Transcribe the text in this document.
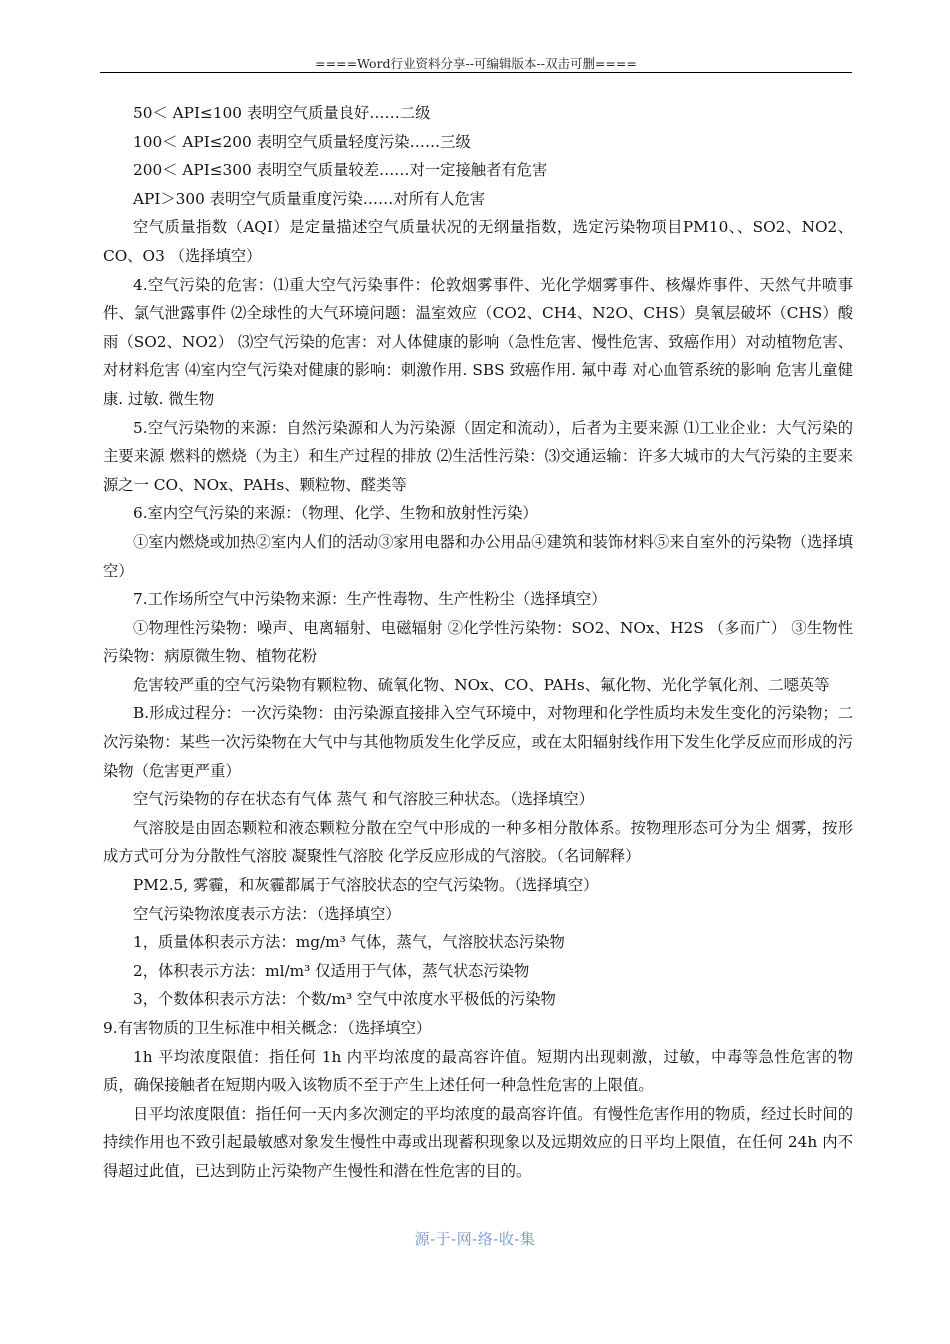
====Word行业资料分享--可编辑版本--双击可删====

50＜ API≤100 表明空气质量良好……二级

100＜ API≤200 表明空气质量轻度污染……三级

200＜ API≤300 表明空气质量较差……对一定接触者有危害

API＞300 表明空气质量重度污染……对所有人危害

空气质量指数（AQI）是定量描述空气质量状况的无纲量指数，选定污染物项目PM10、、SO2、NO2、CO、O3 （选择填空）

4.空气污染的危害：⑴重大空气污染事件：伦敦烟雾事件、光化学烟雾事件、核爆炸事件、天然气井喷事件、氯气泄露事件 ⑵全球性的大气环境问题：温室效应（CO2、CH4、N2O、CHS）臭氧层破坏（CHS）酸雨（SO2、NO2） ⑶空气污染的危害：对人体健康的影响（急性危害、慢性危害、致癌作用）对动植物危害、对材料危害 ⑷室内空气污染对健康的影响：刺激作用. SBS 致癌作用. 氟中毒 对心血管系统的影响 危害儿童健康. 过敏. 微生物

5.空气污染物的来源：自然污染源和人为污染源（固定和流动），后者为主要来源 ⑴工业企业：大气污染的主要来源 燃料的燃烧（为主）和生产过程的排放 ⑵生活性污染：⑶交通运输：许多大城市的大气污染的主要来源之一 CO、NOx、PAHs、颗粒物、醛类等

6.室内空气污染的来源：（物理、化学、生物和放射性污染）

①室内燃烧或加热②室内人们的活动③家用电器和办公用品④建筑和装饰材料⑤来自室外的污染物（选择填空）

7.工作场所空气中污染物来源：生产性毒物、生产性粉尘（选择填空）

①物理性污染物：噪声、电离辐射、电磁辐射 ②化学性污染物：SO2、NOx、H2S （多而广） ③生物性污染物：病原微生物、植物花粉

危害较严重的空气污染物有颗粒物、硫氧化物、NOx、CO、PAHs、氟化物、光化学氧化剂、二噁英等

B.形成过程分：一次污染物：由污染源直接排入空气环境中，对物理和化学性质均未发生变化的污染物；二次污染物：某些一次污染物在大气中与其他物质发生化学反应，或在太阳辐射线作用下发生化学反应而形成的污染物（危害更严重）

空气污染物的存在状态有气体 蒸气 和气溶胶三种状态。（选择填空）

气溶胶是由固态颗粒和液态颗粒分散在空气中形成的一种多相分散体系。按物理形态可分为尘 烟雾，按形成方式可分为分散性气溶胶 凝聚性气溶胶 化学反应形成的气溶胶。（名词解释）

PM2.5, 雾霾，和灰霾都属于气溶胶状态的空气污染物。（选择填空）

空气污染物浓度表示方法：（选择填空）

1，质量体积表示方法：mg/m³ 气体，蒸气，气溶胶状态污染物

2，体积表示方法：ml/m³ 仅适用于气体，蒸气状态污染物

3，个数体积表示方法：个数/m³ 空气中浓度水平极低的污染物

9.有害物质的卫生标准中相关概念：（选择填空）

1h 平均浓度限值：指任何 1h 内平均浓度的最高容许值。短期内出现刺激，过敏，中毒等急性危害的物质，确保接触者在短期内吸入该物质不至于产生上述任何一种急性危害的上限值。

日平均浓度限值：指任何一天内多次测定的平均浓度的最高容许值。有慢性危害作用的物质，经过长时间的持续作用也不致引起最敏感对象发生慢性中毒或出现蓄积现象以及远期效应的日平均上限值，在任何 24h 内不得超过此值，已达到防止污染物产生慢性和潜在性危害的目的。

源-于-网-络-收-集
